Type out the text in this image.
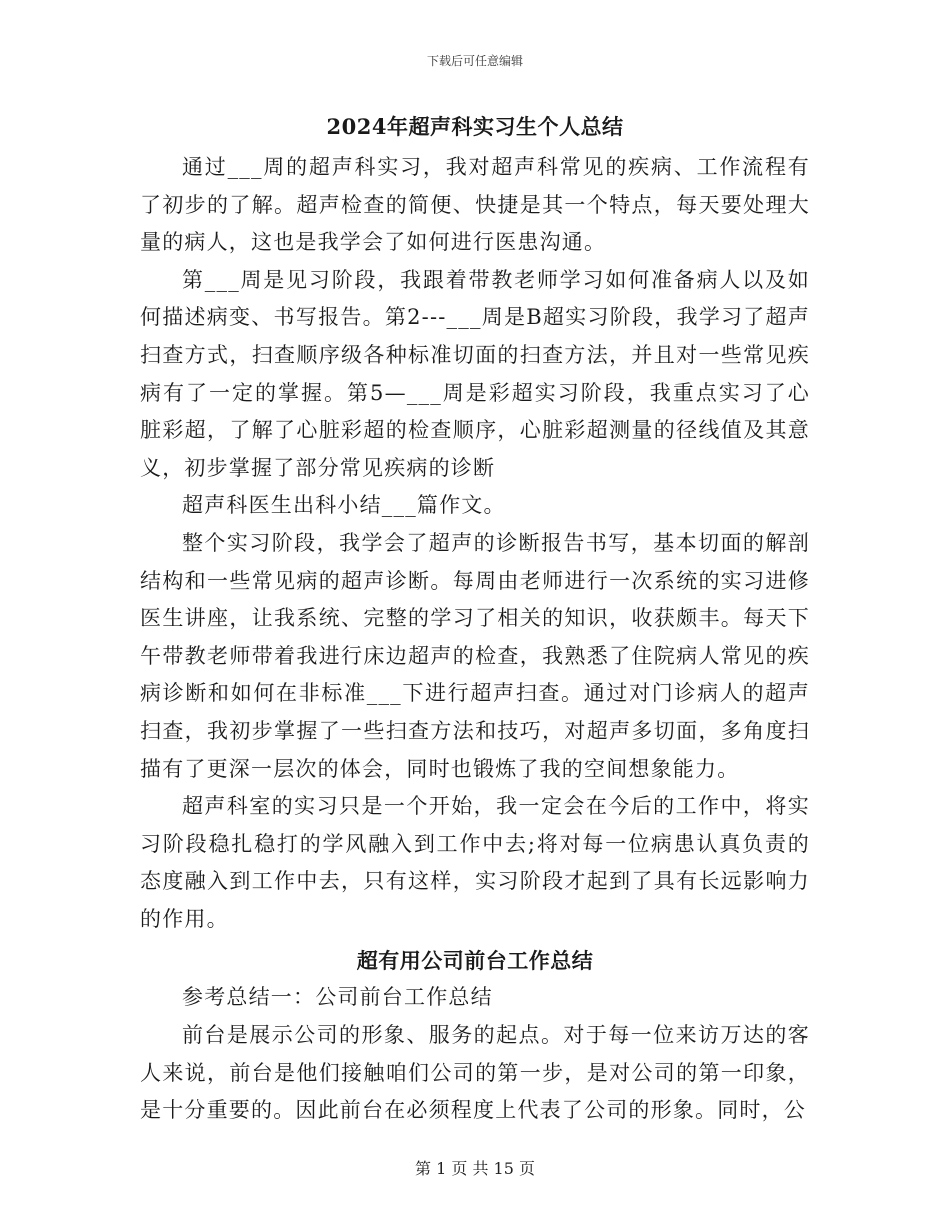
下载后可任意编辑
2024年超声科实习生个人总结

通过___周的超声科实习，我对超声科常见的疾病、工作流程有了初步的了解。超声检查的简便、快捷是其一个特点，每天要处理大量的病人，这也是我学会了如何进行医患沟通。

第___周是见习阶段，我跟着带教老师学习如何准备病人以及如何描述病变、书写报告。第2---___周是B超实习阶段，我学习了超声扫查方式，扫查顺序级各种标准切面的扫查方法，并且对一些常见疾病有了一定的掌握。第5—___周是彩超实习阶段，我重点实习了心脏彩超，了解了心脏彩超的检查顺序，心脏彩超测量的径线值及其意义，初步掌握了部分常见疾病的诊断

超声科医生出科小结___篇作文。

整个实习阶段，我学会了超声的诊断报告书写，基本切面的解剖结构和一些常见病的超声诊断。每周由老师进行一次系统的实习进修医生讲座，让我系统、完整的学习了相关的知识，收获颇丰。每天下午带教老师带着我进行床边超声的检查，我熟悉了住院病人常见的疾病诊断和如何在非标准___下进行超声扫查。通过对门诊病人的超声扫查，我初步掌握了一些扫查方法和技巧，对超声多切面，多角度扫描有了更深一层次的体会，同时也锻炼了我的空间想象能力。

超声科室的实习只是一个开始，我一定会在今后的工作中，将实习阶段稳扎稳打的学风融入到工作中去;将对每一位病患认真负责的态度融入到工作中去，只有这样，实习阶段才起到了具有长远影响力的作用。

超有用公司前台工作总结

参考总结一：公司前台工作总结

前台是展示公司的形象、服务的起点。对于每一位来访万达的客人来说，前台是他们接触咱们公司的第一步，是对公司的第一印象，是十分重要的。因此前台在必须程度上代表了公司的形象。同时，公

第 1 页 共 15 页
